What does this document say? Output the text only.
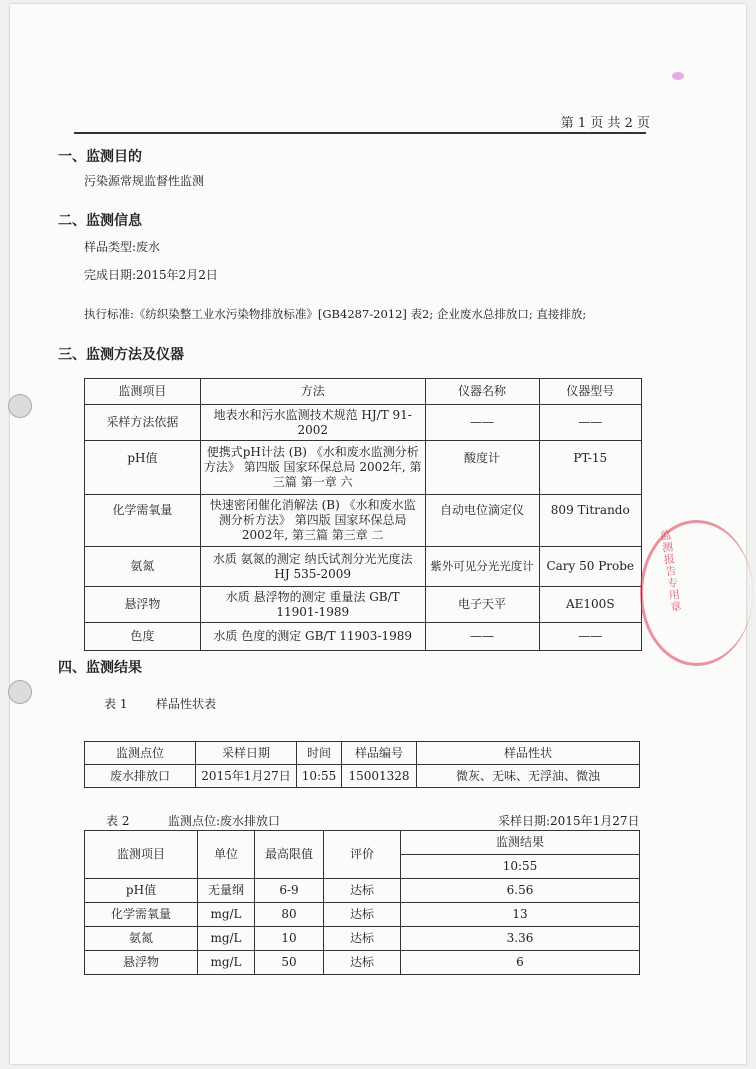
第 1 页 共 2 页
一、监测目的
污染源常规监督性监测
二、监测信息
样品类型:废水
完成日期:2015年2月2日
执行标准:《纺织染整工业水污染物排放标准》[GB4287-2012] 表2; 企业废水总排放口; 直接排放;
三、监测方法及仪器
监测项目	方法	仪器名称	仪器型号
采样方法依据	地表水和污水监测技术规范 HJ/T 91-2002	——	——
pH值	便携式pH计法 (B) 《水和废水监测分析方法》 第四版 国家环保总局 2002年, 第三篇 第一章 六	酸度计	PT-15
化学需氧量	快速密闭催化消解法 (B) 《水和废水监测分析方法》 第四版 国家环保总局 2002年, 第三篇 第三章 二	自动电位滴定仪	809 Titrando
氨氮	水质 氨氮的测定 纳氏试剂分光光度法 HJ 535-2009	紫外可见分光光度计	Cary 50 Probe
悬浮物	水质 悬浮物的测定 重量法 GB/T 11901-1989	电子天平	AE100S
色度	水质 色度的测定 GB/T 11903-1989	——	——
四、监测结果
表 1 样品性状表
监测点位	采样日期	时间	样品编号	样品性状
废水排放口	2015年1月27日	10:55	15001328	微灰、无味、无浮油、微浊
表 2	监测点位:废水排放口	采样日期:2015年1月27日
监测项目	单位	最高限值	评价	监测结果
				10:55
pH值	无量纲	6-9	达标	6.56
化学需氧量	mg/L	80	达标	13
氨氮	mg/L	10	达标	3.36
悬浮物	mg/L	50	达标	6
监测报告专用章
